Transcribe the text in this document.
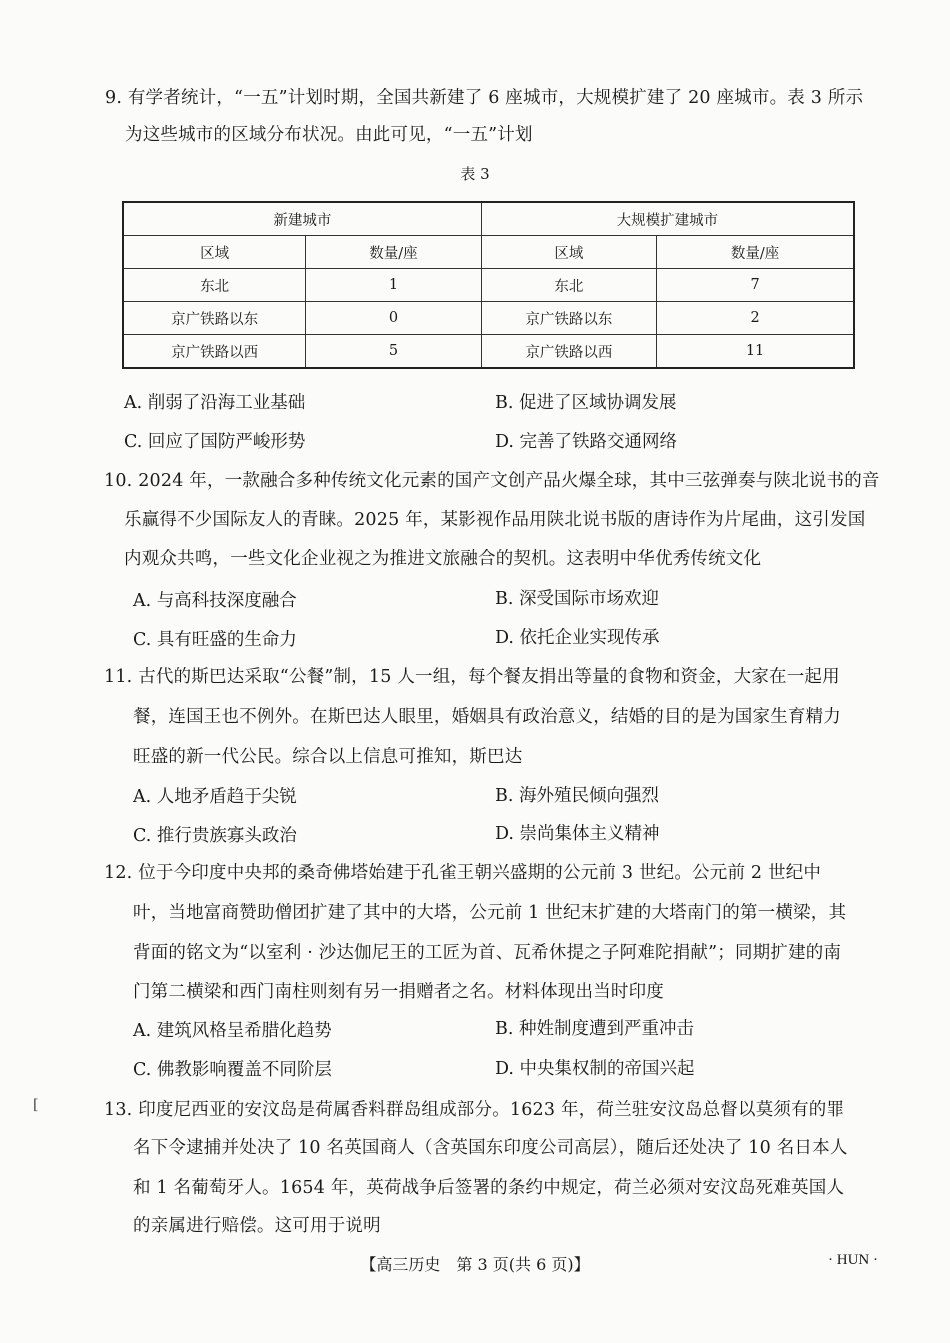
9. 有学者统计，“一五”计划时期，全国共新建了 6 座城市，大规模扩建了 20 座城市。表 3 所示
为这些城市的区域分布状况。由此可见，“一五”计划
表 3
新建城市		大规模扩建城市	
区域	数量/座	区域	数量/座
东北	1	东北	7
京广铁路以东	0	京广铁路以东	2
京广铁路以西	5	京广铁路以西	11
A. 削弱了沿海工业基础	B. 促进了区域协调发展
C. 回应了国防严峻形势	D. 完善了铁路交通网络
10. 2024 年，一款融合多种传统文化元素的国产文创产品火爆全球，其中三弦弹奏与陕北说书的音
乐赢得不少国际友人的青睐。2025 年，某影视作品用陕北说书版的唐诗作为片尾曲，这引发国
内观众共鸣，一些文化企业视之为推进文旅融合的契机。这表明中华优秀传统文化
A. 与高科技深度融合	B. 深受国际市场欢迎
C. 具有旺盛的生命力	D. 依托企业实现传承
11. 古代的斯巴达采取“公餐”制，15 人一组，每个餐友捐出等量的食物和资金，大家在一起用
餐，连国王也不例外。在斯巴达人眼里，婚姻具有政治意义，结婚的目的是为国家生育精力
旺盛的新一代公民。综合以上信息可推知，斯巴达
A. 人地矛盾趋于尖锐	B. 海外殖民倾向强烈
C. 推行贵族寡头政治	D. 崇尚集体主义精神
12. 位于今印度中央邦的桑奇佛塔始建于孔雀王朝兴盛期的公元前 3 世纪。公元前 2 世纪中
叶，当地富商赞助僧团扩建了其中的大塔，公元前 1 世纪末扩建的大塔南门的第一横梁，其
背面的铭文为“以室利 · 沙达伽尼王的工匠为首、瓦希休提之子阿难陀捐献”；同期扩建的南
门第二横梁和西门南柱则刻有另一捐赠者之名。材料体现出当时印度
A. 建筑风格呈希腊化趋势	B. 种姓制度遭到严重冲击
C. 佛教影响覆盖不同阶层	D. 中央集权制的帝国兴起
13. 印度尼西亚的安汶岛是荷属香料群岛组成部分。1623 年，荷兰驻安汶岛总督以莫须有的罪
名下令逮捕并处决了 10 名英国商人（含英国东印度公司高层），随后还处决了 10 名日本人
和 1 名葡萄牙人。1654 年，英荷战争后签署的条约中规定，荷兰必须对安汶岛死难英国人
的亲属进行赔偿。这可用于说明
【高三历史　第 3 页(共 6 页)】	· HUN ·
[
